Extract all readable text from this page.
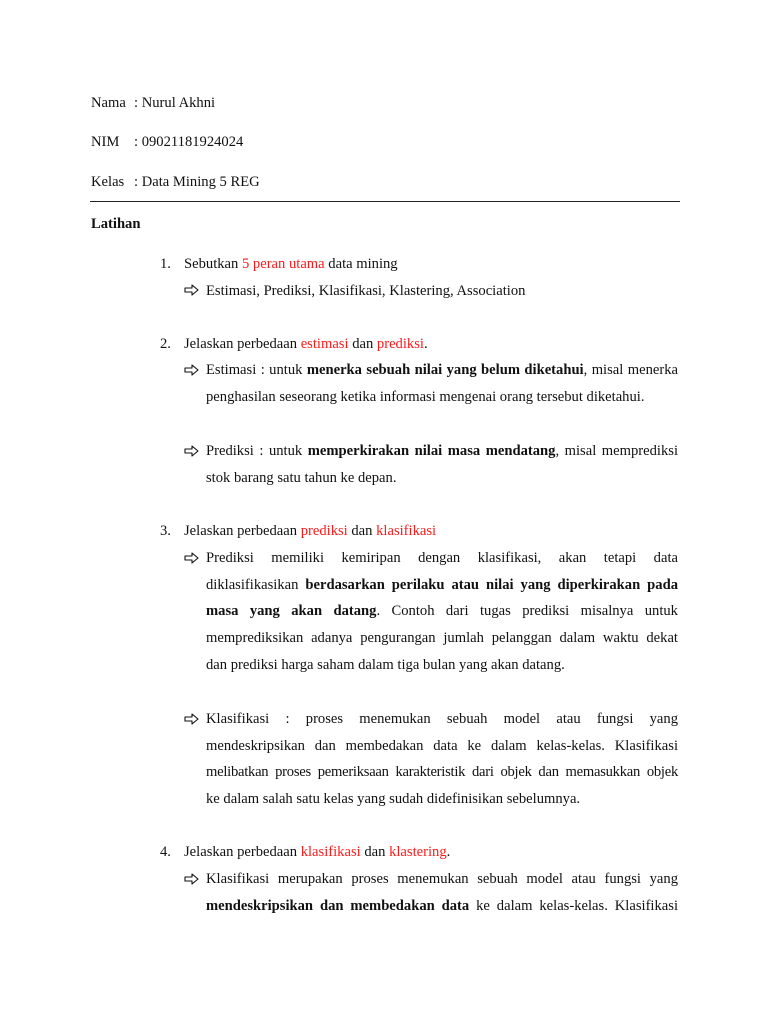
Nama : Nurul Akhni
NIM : 09021181924024
Kelas : Data Mining 5 REG
Latihan
1. Sebutkan 5 peran utama data mining
Estimasi, Prediksi, Klasifikasi, Klastering, Association
2. Jelaskan perbedaan estimasi dan prediksi.
Estimasi : untuk menerka sebuah nilai yang belum diketahui, misal menerka
penghasilan seseorang ketika informasi mengenai orang tersebut diketahui.
Prediksi : untuk memperkirakan nilai masa mendatang, misal memprediksi
stok barang satu tahun ke depan.
3. Jelaskan perbedaan prediksi dan klasifikasi
Prediksi memiliki kemiripan dengan klasifikasi, akan tetapi data
diklasifikasikan berdasarkan perilaku atau nilai yang diperkirakan pada
masa yang akan datang. Contoh dari tugas prediksi misalnya untuk
memprediksikan adanya pengurangan jumlah pelanggan dalam waktu dekat
dan prediksi harga saham dalam tiga bulan yang akan datang.
Klasifikasi : proses menemukan sebuah model atau fungsi yang
mendeskripsikan dan membedakan data ke dalam kelas-kelas. Klasifikasi
melibatkan proses pemeriksaan karakteristik dari objek dan memasukkan objek
ke dalam salah satu kelas yang sudah didefinisikan sebelumnya.
4. Jelaskan perbedaan klasifikasi dan klastering.
Klasifikasi merupakan proses menemukan sebuah model atau fungsi yang
mendeskripsikan dan membedakan data ke dalam kelas-kelas. Klasifikasi
